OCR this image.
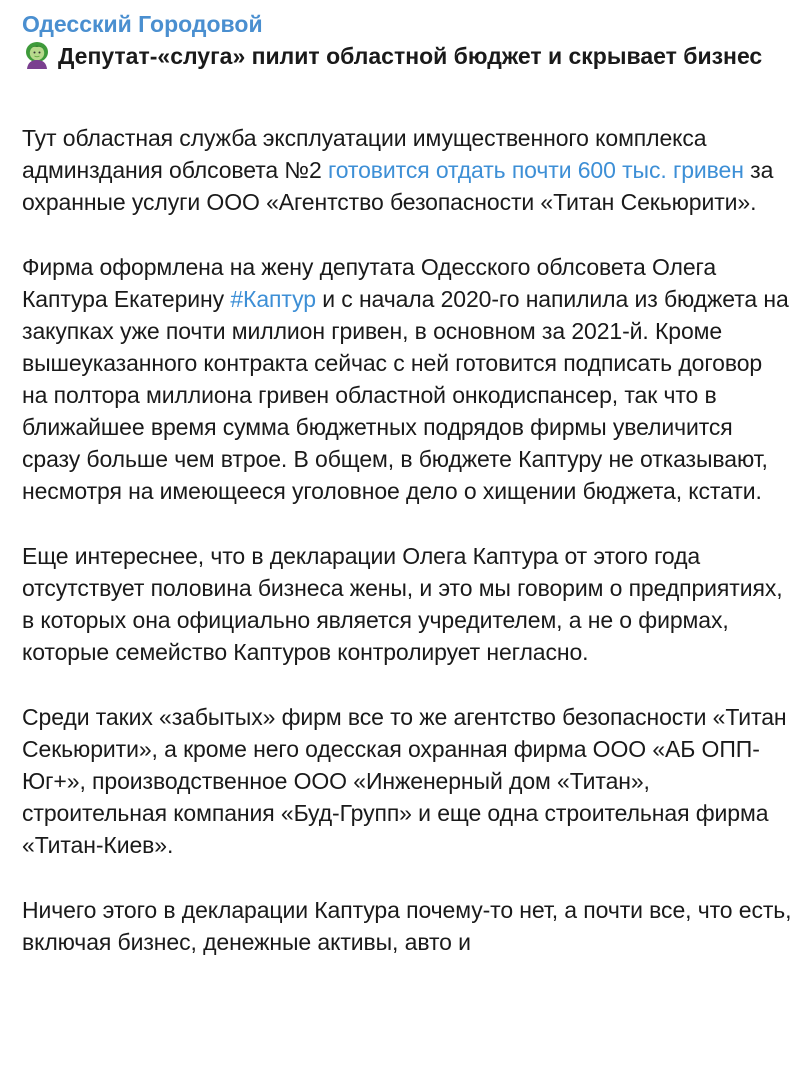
Одесский Городовой

Депутат-«слуга» пилит областной бюджет и скрывает бизнес

Тут областная служба эксплуатации имущественного комплекса админздания облсовета №2 готовится отдать почти 600 тыс. гривен за охранные услуги ООО «Агентство безопасности «Титан Секьюрити».

Фирма оформлена на жену депутата Одесского облсовета Олега Каптура Екатерину #Каптур и с начала 2020-го напилила из бюджета на закупках уже почти миллион гривен, в основном за 2021-й. Кроме вышеуказанного контракта сейчас с ней готовится подписать договор на полтора миллиона гривен областной онкодиспансер, так что в ближайшее время сумма бюджетных подрядов фирмы увеличится сразу больше чем втрое. В общем, в бюджете Каптуру не отказывают, несмотря на имеющееся уголовное дело о хищении бюджета, кстати.

Еще интереснее, что в декларации Олега Каптура от этого года отсутствует половина бизнеса жены, и это мы говорим о предприятиях, в которых она официально является учредителем, а не о фирмах, которые семейство Каптуров контролирует негласно.

Среди таких «забытых» фирм все то же агентство безопасности «Титан Секьюрити», а кроме него одесская охранная фирма ООО «АБ ОПП-Юг+», производственное ООО «Инженерный дом «Титан», строительная компания «Буд-Групп» и еще одна строительная фирма «Титан-Киев».

Ничего этого в декларации Каптура почему-то нет, а почти все, что есть, включая бизнес, денежные активы, авто и
